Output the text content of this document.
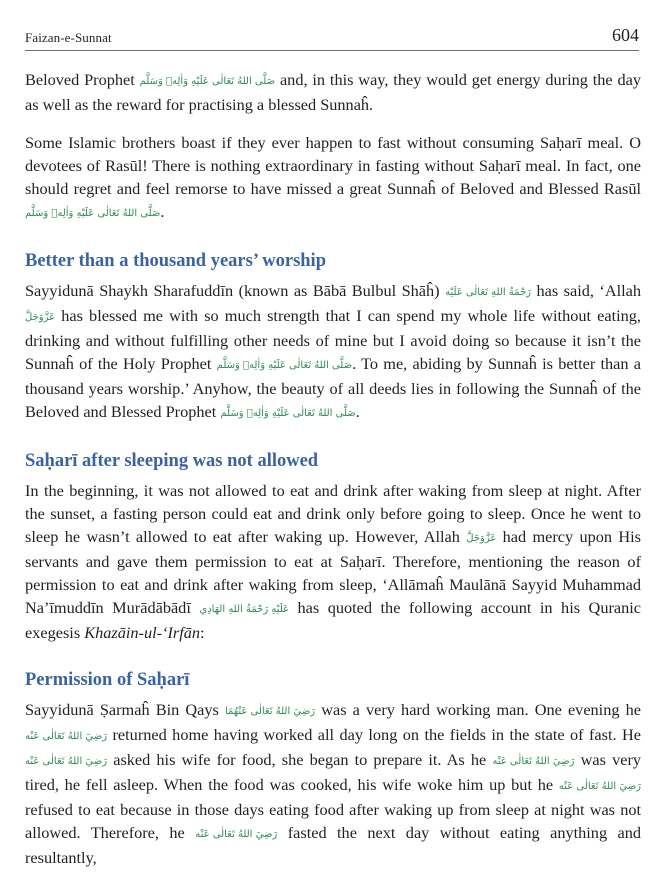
Faizan-e-Sunnat	604

Beloved Prophet صَلَّى اللهُ تَعَالٰى عَلَيْهِ وَاٰلِهٖ وَسَلَّم and, in this way, they would get energy during the day as well as the reward for practising a blessed Sunnaĥ.

Some Islamic brothers boast if they ever happen to fast without consuming Saḥarī meal. O devotees of Rasūl! There is nothing extraordinary in fasting without Saḥarī meal. In fact, one should regret and feel remorse to have missed a great Sunnaĥ of Beloved and Blessed Rasūl صَلَّى اللهُ تَعَالٰى عَلَيْهِ وَاٰلِهٖ وَسَلَّم.

Better than a thousand years’ worship

Sayyidunā Shaykh Sharafuddīn (known as Bābā Bulbul Shāĥ) رَحْمَةُ اللهِ تَعَالٰى عَلَيْه has said, ‘Allah عَزَّوَجَلَّ has blessed me with so much strength that I can spend my whole life without eating, drinking and without fulfilling other needs of mine but I avoid doing so because it isn’t the Sunnaĥ of the Holy Prophet صَلَّى اللهُ تَعَالٰى عَلَيْهِ وَاٰلِهٖ وَسَلَّم. To me, abiding by Sunnaĥ is better than a thousand years worship.’ Anyhow, the beauty of all deeds lies in following the Sunnaĥ of the Beloved and Blessed Prophet صَلَّى اللهُ تَعَالٰى عَلَيْهِ وَاٰلِهٖ وَسَلَّم.

Saḥarī after sleeping was not allowed

In the beginning, it was not allowed to eat and drink after waking from sleep at night. After the sunset, a fasting person could eat and drink only before going to sleep. Once he went to sleep he wasn’t allowed to eat after waking up. However, Allah عَزَّوَجَلَّ had mercy upon His servants and gave them permission to eat at Saḥarī. Therefore, mentioning the reason of permission to eat and drink after waking from sleep, ‘Allāmaĥ Maulānā Sayyid Muhammad Na’īmuddīn Murādābādī عَلَيْهِ رَحْمَةُ اللهِ الهَادِي has quoted the following account in his Quranic exegesis Khazāin-ul-‘Irfān:

Permission of Saḥarī

Sayyidunā Ṣarmaĥ Bin Qays رَضِيَ اللهُ تَعَالٰى عَنْهُمَا was a very hard working man. One evening he رَضِيَ اللهُ تَعَالٰى عَنْه returned home having worked all day long on the fields in the state of fast. He رَضِيَ اللهُ تَعَالٰى عَنْه asked his wife for food, she began to prepare it. As he رَضِيَ اللهُ تَعَالٰى عَنْه was very tired, he fell asleep. When the food was cooked, his wife woke him up but he رَضِيَ اللهُ تَعَالٰى عَنْه refused to eat because in those days eating food after waking up from sleep at night was not allowed. Therefore, he رَضِيَ اللهُ تَعَالٰى عَنْه fasted the next day without eating anything and resultantly,
